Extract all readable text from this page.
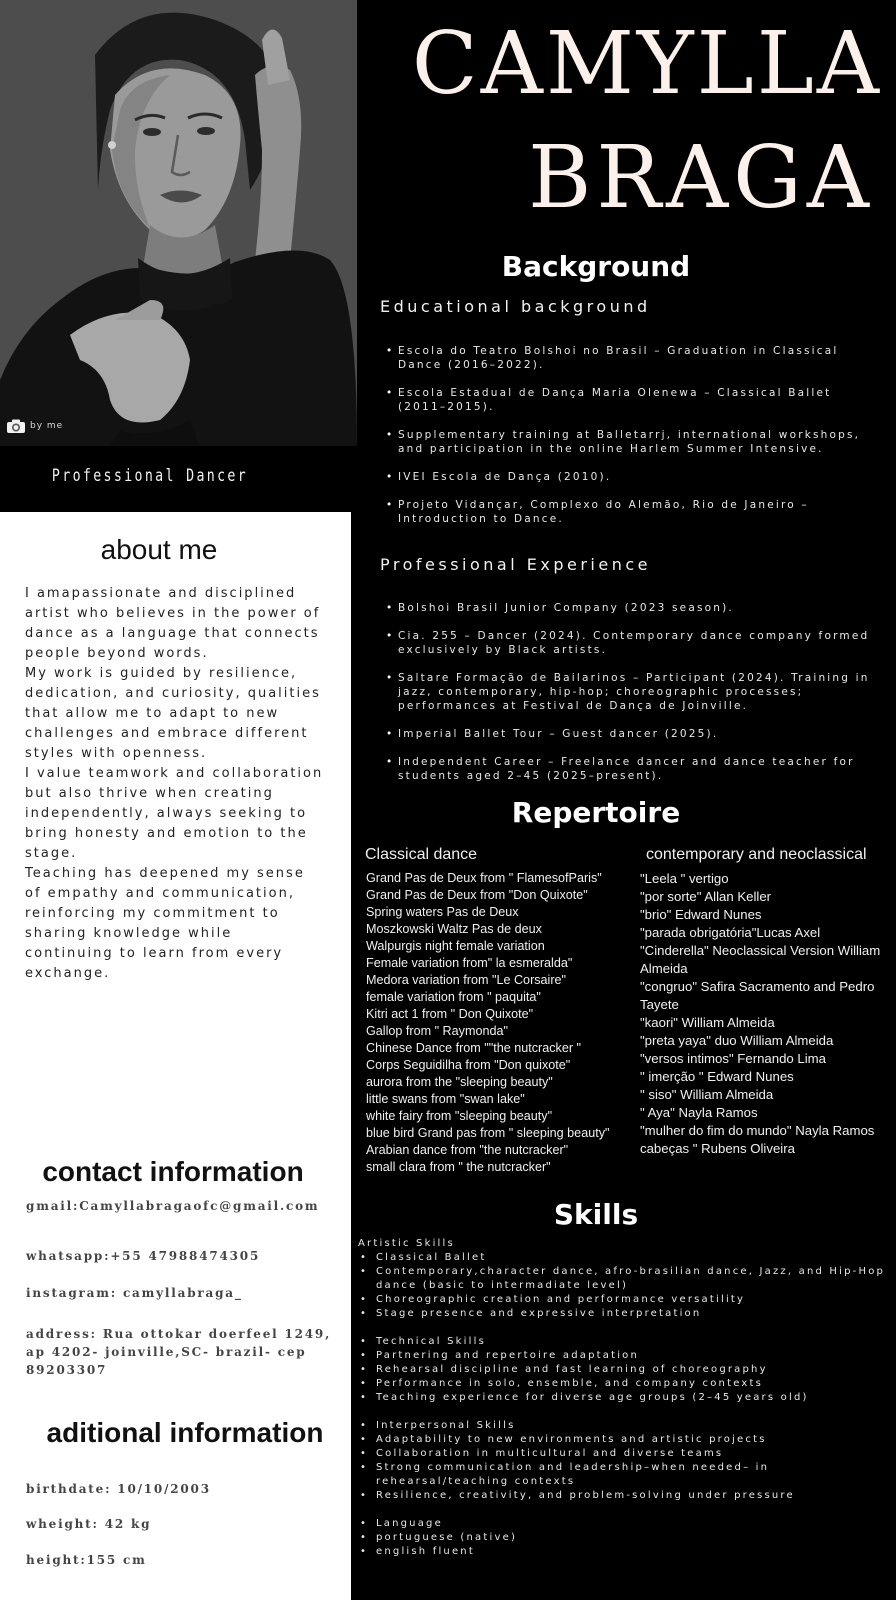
by me
Professional Dancer
about me

I amapassionate and disciplined artist who believes in the power of dance as a language that connects people beyond words.

My work is guided by resilience, dedication, and curiosity, qualities that allow me to adapt to new challenges and embrace different styles with openness.

I value teamwork and collaboration but also thrive when creating independently, always seeking to bring honesty and emotion to the stage.

Teaching has deepened my sense of empathy and communication, reinforcing my commitment to sharing knowledge while continuing to learn from every exchange.

contact information
gmail:Camyllabragaofc@gmail.com
whatsapp:+55 47988474305
instagram: camyllabraga_
address: Rua ottokar doerfeel 1249, ap 4202- joinville,SC- brazil- cep 89203307
aditional information
birthdate: 10/10/2003
wheight: 42 kg
height:155 cm
CAMYLLA
BRAGA
Background
Educational background
• Escola do Teatro Bolshoi no Brasil – Graduation in Classical Dance (2016–2022).
• Escola Estadual de Dança Maria Olenewa – Classical Ballet (2011–2015).
• Supplementary training at Balletarrj, international workshops, and participation in the online Harlem Summer Intensive.
• IVEI Escola de Dança (2010).
• Projeto Vidançar, Complexo do Alemão, Rio de Janeiro – Introduction to Dance.
Professional Experience
• Bolshoi Brasil Junior Company (2023 season).
• Cia. 255 – Dancer (2024). Contemporary dance company formed exclusively by Black artists.
• Saltare Formação de Bailarinos – Participant (2024). Training in jazz, contemporary, hip-hop; choreographic processes; performances at Festival de Dança de Joinville.
• Imperial Ballet Tour – Guest dancer (2025).
• Independent Career – Freelance dancer and dance teacher for students aged 2–45 (2025–present).
Repertoire
Classical dance	contemporary and neoclassical
Grand Pas de Deux from " FlamesofParis"
Grand Pas de Deux from "Don Quixote"
Spring waters Pas de Deux
Moszkowski Waltz Pas de deux
Walpurgis night female variation
Female variation from" la esmeralda"
Medora variation from "Le Corsaire"
female variation from " paquita"
Kitri act 1 from " Don Quixote"
Gallop from " Raymonda"
Chinese Dance from ""the nutcracker "
Corps Seguidilha from "Don quixote"
aurora from the "sleeping beauty"
little swans from "swan lake"
white fairy from "sleeping beauty"
blue bird Grand pas from " sleeping beauty"
Arabian dance from "the nutcracker"
small clara from " the nutcracker"
"Leela " vertigo
"por sorte" Allan Keller
"brio" Edward Nunes
"parada obrigatória"Lucas Axel
"Cinderella" Neoclassical Version William Almeida
"congruo" Safira Sacramento and Pedro Tayete
"kaori" William Almeida
"preta yaya" duo William Almeida
"versos intimos" Fernando Lima
" imerção " Edward Nunes
" siso" William Almeida
" Aya" Nayla Ramos
"mulher do fim do mundo" Nayla Ramos
cabeças " Rubens Oliveira
Skills
Artistic Skills
• Classical Ballet
• Contemporary,character dance, afro-brasilian dance, Jazz, and Hip-Hop dance (basic to intermadiate level)
• Choreographic creation and performance versatility
• Stage presence and expressive interpretation
• Technical Skills
• Partnering and repertoire adaptation
• Rehearsal discipline and fast learning of choreography
• Performance in solo, ensemble, and company contexts
• Teaching experience for diverse age groups (2–45 years old)
• Interpersonal Skills
• Adaptability to new environments and artistic projects
• Collaboration in multicultural and diverse teams
• Strong communication and leadership–when needed– in rehearsal/teaching contexts
• Resilience, creativity, and problem-solving under pressure
• Language
• portuguese (native)
• english fluent
